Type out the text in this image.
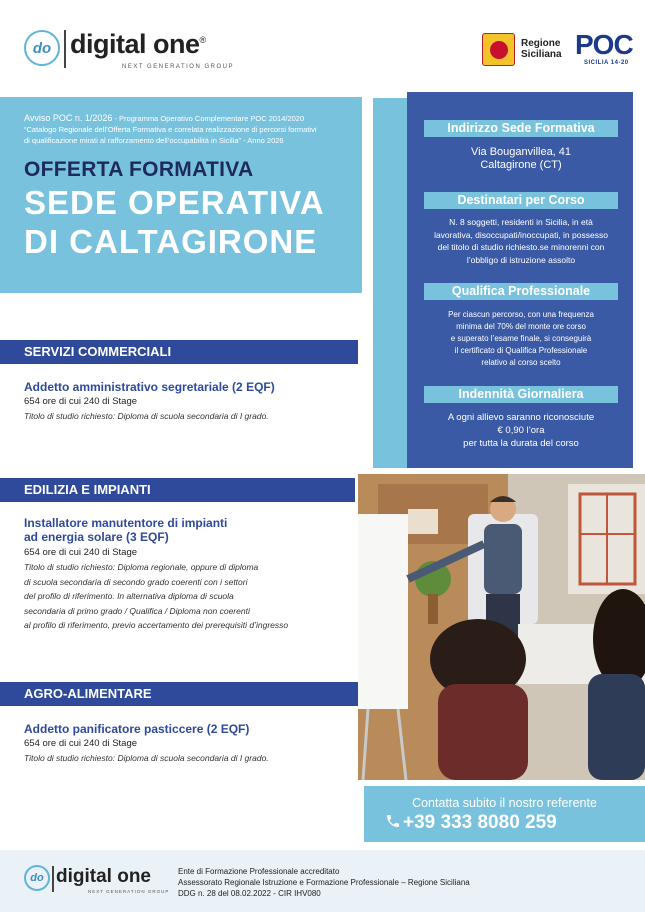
do digital one®
NEXT GENERATION GROUP
Regione
Siciliana POC
SICILIA 14-20
Avviso POC n. 1/2026 - Programma Operativo Complementare POC 2014/2020
“Catalogo Regionale dell’Offerta Formativa e correlata realizzazione di percorsi formativi
di qualificazione mirati al rafforzamento dell’occupabilità in Sicilia” - Anno 2026
OFFERTA FORMATIVA
SEDE OPERATIVA
DI CALTAGIRONE
Indirizzo Sede Formativa
Via Bouganvillea, 41
Caltagirone (CT)
Destinatari per Corso
N. 8 soggetti, residenti in Sicilia, in età
lavorativa, disoccupati/inoccupati, in possesso
del titolo di studio richiesto.se minorenni con
l’obbligo di istruzione assolto
Qualifica Professionale
Per ciascun percorso, con una frequenza
minima del 70% del monte ore corso
e superato l’esame finale, si conseguirà
il certificato di Qualifica Professionale
relativo al corso scelto
Indennità Giornaliera
A ogni allievo saranno riconosciute
€ 0,90 l’ora
per tutta la durata del corso
SERVIZI COMMERCIALI
Addetto amministrativo segretariale (2 EQF)
654 ore di cui 240 di Stage
Titolo di studio richiesto: Diploma di scuola secondaria di I grado.
EDILIZIA E IMPIANTI
Installatore manutentore di impianti
ad energia solare (3 EQF)
654 ore di cui 240 di Stage
Titolo di studio richiesto: Diploma regionale, oppure di diploma
di scuola secondaria di secondo grado coerenti con i settori
del profilo di riferimento. In alternativa diploma di scuola
secondaria di primo grado / Qualifica / Diploma non coerenti
al profilo di riferimento, previo accertamento dei prerequisiti d’ingresso
AGRO-ALIMENTARE
Addetto panificatore pasticcere (2 EQF)
654 ore di cui 240 di Stage
Titolo di studio richiesto: Diploma di scuola secondaria di I grado.
Contatta subito il nostro referente
+39 333 8080 259
do digital one
NEXT GENERATION GROUP
Ente di Formazione Professionale accreditato
Assessorato Regionale Istruzione e Formazione Professionale – Regione Siciliana
DDG n. 28 del 08.02.2022 - CIR IHV080
